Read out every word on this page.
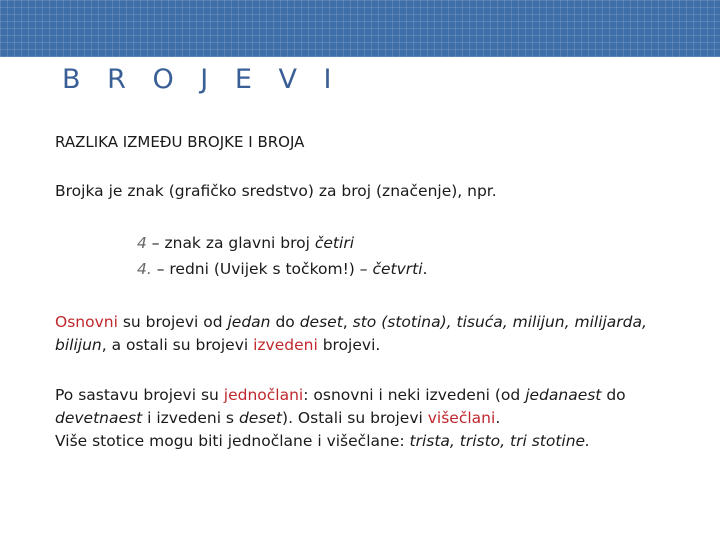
B R O J E V I

RAZLIKA IZMEĐU BROJKE I BROJA

Brojka je znak (grafičko sredstvo) za broj (značenje), npr.

4 – znak za glavni broj četiri

4. – redni (Uvijek s točkom!) – četvrti.

Osnovni su brojevi od jedan do deset, sto (stotina), tisuća, milijun, milijarda, bilijun, a ostali su brojevi izvedeni brojevi.

Po sastavu brojevi su jednočlani: osnovni i neki izvedeni (od jedanaest do devetnaest i izvedeni s deset). Ostali su brojevi višečlani.
Više stotice mogu biti jednočlane i višečlane: trista, tristo, tri stotine.
